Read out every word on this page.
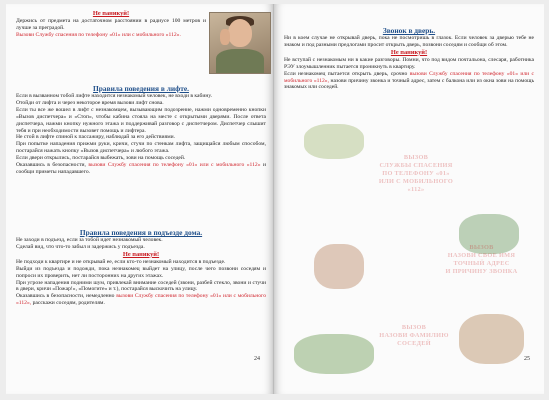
Не паникуй!

Держись от предмета на достаточном расстоянии в радиусе 100 метров и лучше за преградой.

Вызови Службу спасения по телефону «01» или с мобильного «112».

Правила поведения в лифте.

Если в вызванном тобой лифте находится незнакомый человек, не входи в кабину.

Отойди от лифта и через некоторое время вызови лифт снова.

Если ты все же вошел в лифт с незнакомцем, вызывающим подозрение, нажми одновременно кнопки «Вызов диспетчера» и «Стоп», чтобы кабина стояла на месте с открытыми дверями. После ответа диспетчера, нажми кнопку нужного этажа и поддерживай разговор с диспетчером. Диспетчер слышит тебя и при необходимости вызовет помощь и лифтера.

Не стой в лифте спиной к пассажиру, наблюдай за его действиями.

При попытке нападения прижми руки, кричи, стучи по стенкам лифта, защищайся любым способом, постарайся нажать кнопку «Вызов диспетчера» и любого этажа.

Если двери открылись, постарайся выбежать, зови на помощь соседей.

Оказавшись в безопасности, вызови Службу спасения по телефону «01» или с мобильного «112» и сообщи приметы нападавшего.

Правила поведения в подъезде дома.

Не заходи в подъезд, если за тобой идет незнакомый человек.

Сделай вид, что что-то забыл и задержись у подъезда.

Не паникуй!

Не подходи к квартире и не открывай ее, если кто-то незнакомый находится в подъезде.

Выйди из подъезда и подожди, пока незнакомец выйдет на улицу, после чего позвони соседям и попроси их проверить, нет ли посторонних на других этажах.

При угрозе нападения подними шум, привлекай внимание соседей (звони, разбей стекло, звони и стучи в двери, кричи «Пожар!», «Помогите» и т.), постарайся выскочить на улицу.

Оказавшись в безопасности, немедленно вызови Службу спасения по телефону «01» или с мобильного «112», расскажи соседям, родителям.

24
ВЫЗОВ
СЛУЖБЫ СПАСЕНИЯ
ПО ТЕЛЕФОНУ «01»
ИЛИ С МОБИЛЬНОГО
«112»
ВЫЗОВ
НАЗОВИ СВОЕ ИМЯ
ТОЧНЫЙ АДРЕС
И ПРИЧИНУ ЗВОНКА
ВЫЗОВ
НАЗОВИ ФАМИЛИЮ
СОСЕДЕЙ
Звонок в дверь.

Ни в коем случае не открывай дверь, пока не посмотришь в глазок. Если человек за дверью тебе не знаком и под разными предлогами просит открыть дверь, позвони соседям и сообщи об этом.

Не паникуй!

Не вступай с незнакомым ни в какие разговоры. Помни, что под видом почтальона, слесаря, работника РЭУ злоумышленник пытается проникнуть в квартиру.

Если незнакомец пытается открыть дверь, срочно вызови Службу спасения по телефону «01» или с мобильного «112», назови причину звонка и точный адрес, затем с балкона или из окна зови на помощь знакомых или соседей.

25
